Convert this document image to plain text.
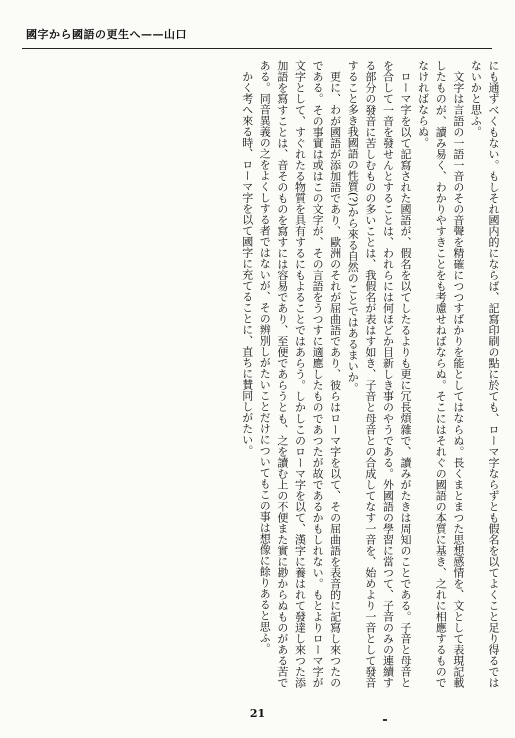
國字から國語の更生へ——山口

にも通ずべくもない。もしそれ國内的にならば、記寫印刷の點に於ても、ローマ字ならずとも假名を以てよくこと足り得るではないかと思ふ。

文字は言語の一語一音のその音聲を精確につつすばかりを能としてはならぬ。長くまとまつた思想感情を、文として表現記載したものが、讀み易く、わかりやすきことをも考慮せねばならぬ。そこにはそれぐの國語の本質に基き、之れに相應するものでなければならぬ。

ローマ字を以て記寫された國語が、假名を以てしたるよりも更に冗長煩雜で、讀みがたきは周知のことである。子音と母音とを合して一音を發せんとすることは、われらには何ほどか目新しき事のやうである。外國語の學習に當つて、子音のみの連續する部分の發音に苦しむものの多いことは、我假名が表はす如き、子音と母音との合成してなす一音を、始めより一音として發音すること多き我國語の性質(?)から來る自然のことではあるまいか。

更に、わが國語が添加語であり、歐洲のそれが屈曲語であり、彼らはローマ字を以て、その屈曲語を表音的に記寫し來つたのである。その事實は或はこの文字が、その言語をうつすに適應したものであつたが故であるかもしれない。もとよりローマ字が文字として、すぐれたる物質を具有するにもよることではあらう。しかしこのローマ字を以て、漢字に養はれて發達し來つた添加語を寫すことは、音そのものを寫すには容易であり、至便であらうとも、之を讀む上の不便また實に尠からぬものがある苦である。同音異義の之をよくしする者ではないが、その辨別しがたいことだけについてもこの事は想像に餘りあると思ふ。

かく考へ來る時、ローマ字を以て國字に充てることに、直ちに賛同しがたい。

21
